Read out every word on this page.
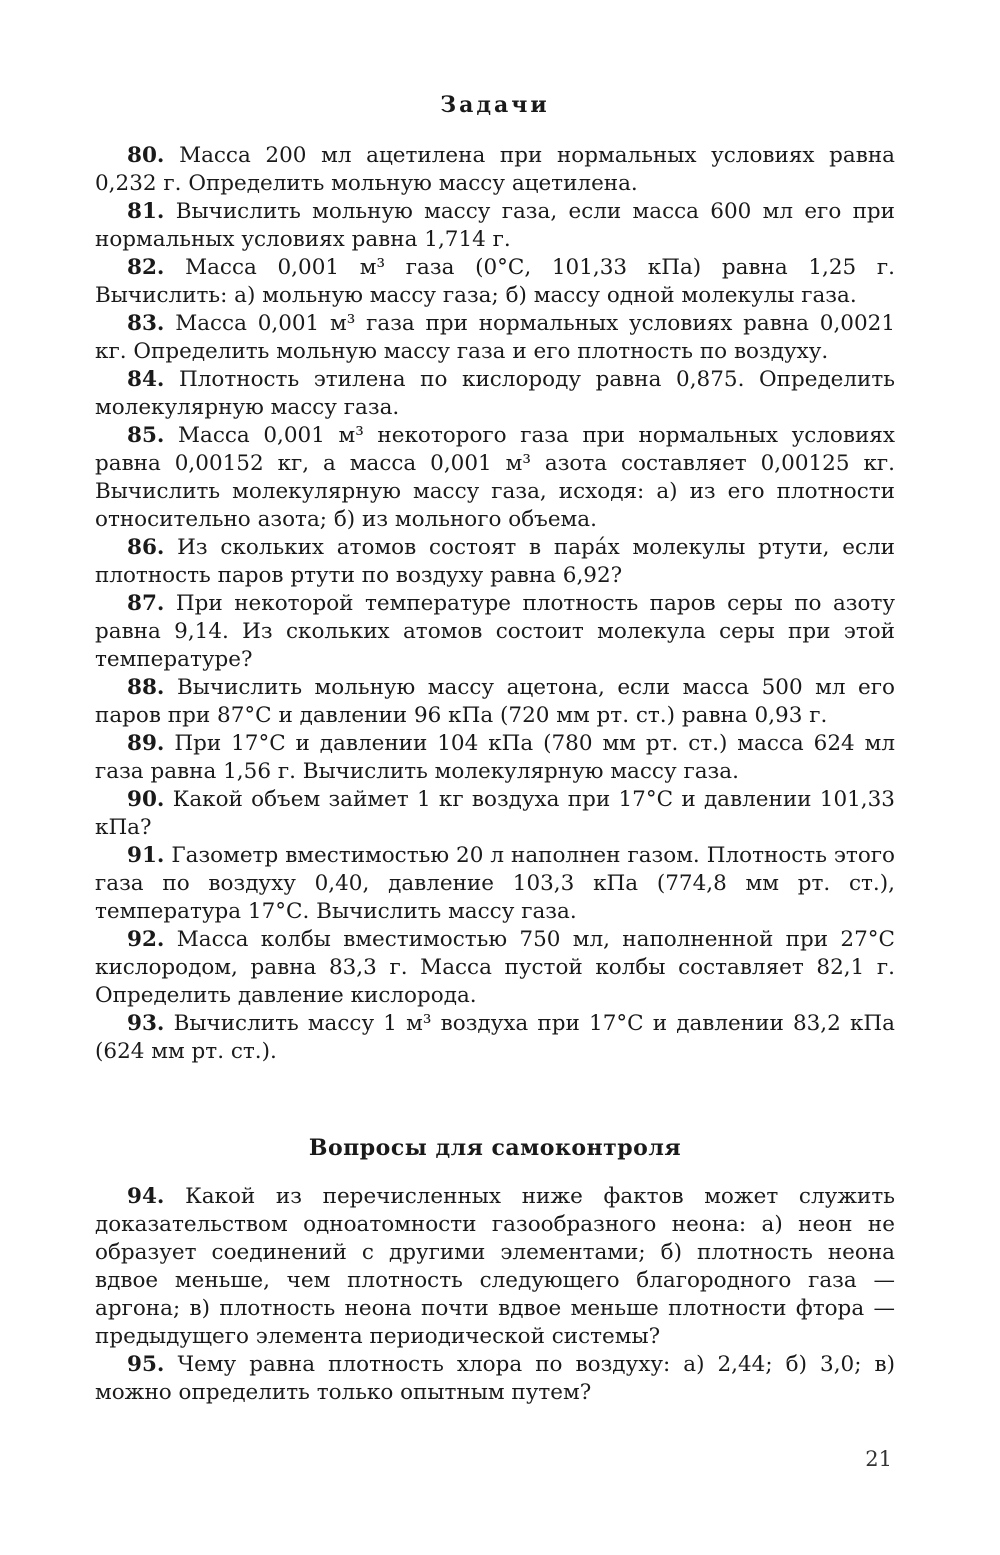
Задачи

80. Масса 200 мл ацетилена при нормальных условиях равна 0,232 г. Определить мольную массу ацетилена.

81. Вычислить мольную массу газа, если масса 600 мл его при нормальных условиях равна 1,714 г.

82. Масса 0,001 м³ газа (0°С, 101,33 кПа) равна 1,25 г. Вычислить: а) мольную массу газа; б) массу одной молекулы газа.

83. Масса 0,001 м³ газа при нормальных условиях равна 0,0021 кг. Определить мольную массу газа и его плотность по воздуху.

84. Плотность этилена по кислороду равна 0,875. Определить молекулярную массу газа.

85. Масса 0,001 м³ некоторого газа при нормальных условиях равна 0,00152 кг, а масса 0,001 м³ азота составляет 0,00125 кг. Вычислить молекулярную массу газа, исходя: а) из его плотности относительно азота; б) из мольного объема.

86. Из скольких атомов состоят в пара́х молекулы ртути, если плотность паров ртути по воздуху равна 6,92?

87. При некоторой температуре плотность паров серы по азоту равна 9,14. Из скольких атомов состоит молекула серы при этой температуре?

88. Вычислить мольную массу ацетона, если масса 500 мл его паров при 87°С и давлении 96 кПа (720 мм рт. ст.) равна 0,93 г.

89. При 17°С и давлении 104 кПа (780 мм рт. ст.) масса 624 мл газа равна 1,56 г. Вычислить молекулярную массу газа.

90. Какой объем займет 1 кг воздуха при 17°С и давлении 101,33 кПа?

91. Газометр вместимостью 20 л наполнен газом. Плотность этого газа по воздуху 0,40, давление 103,3 кПа (774,8 мм рт. ст.), температура 17°С. Вычислить массу газа.

92. Масса колбы вместимостью 750 мл, наполненной при 27°С кислородом, равна 83,3 г. Масса пустой колбы составляет 82,1 г. Определить давление кислорода.

93. Вычислить массу 1 м³ воздуха при 17°С и давлении 83,2 кПа (624 мм рт. ст.).

Вопросы для самоконтроля

94. Какой из перечисленных ниже фактов может служить доказательством одноатомности газообразного неона: а) неон не образует соединений с другими элементами; б) плотность неона вдвое меньше, чем плотность следующего благородного газа — аргона; в) плотность неона почти вдвое меньше плотности фтора — предыдущего элемента периодической системы?

95. Чему равна плотность хлора по воздуху: а) 2,44; б) 3,0; в) можно определить только опытным путем?

21
